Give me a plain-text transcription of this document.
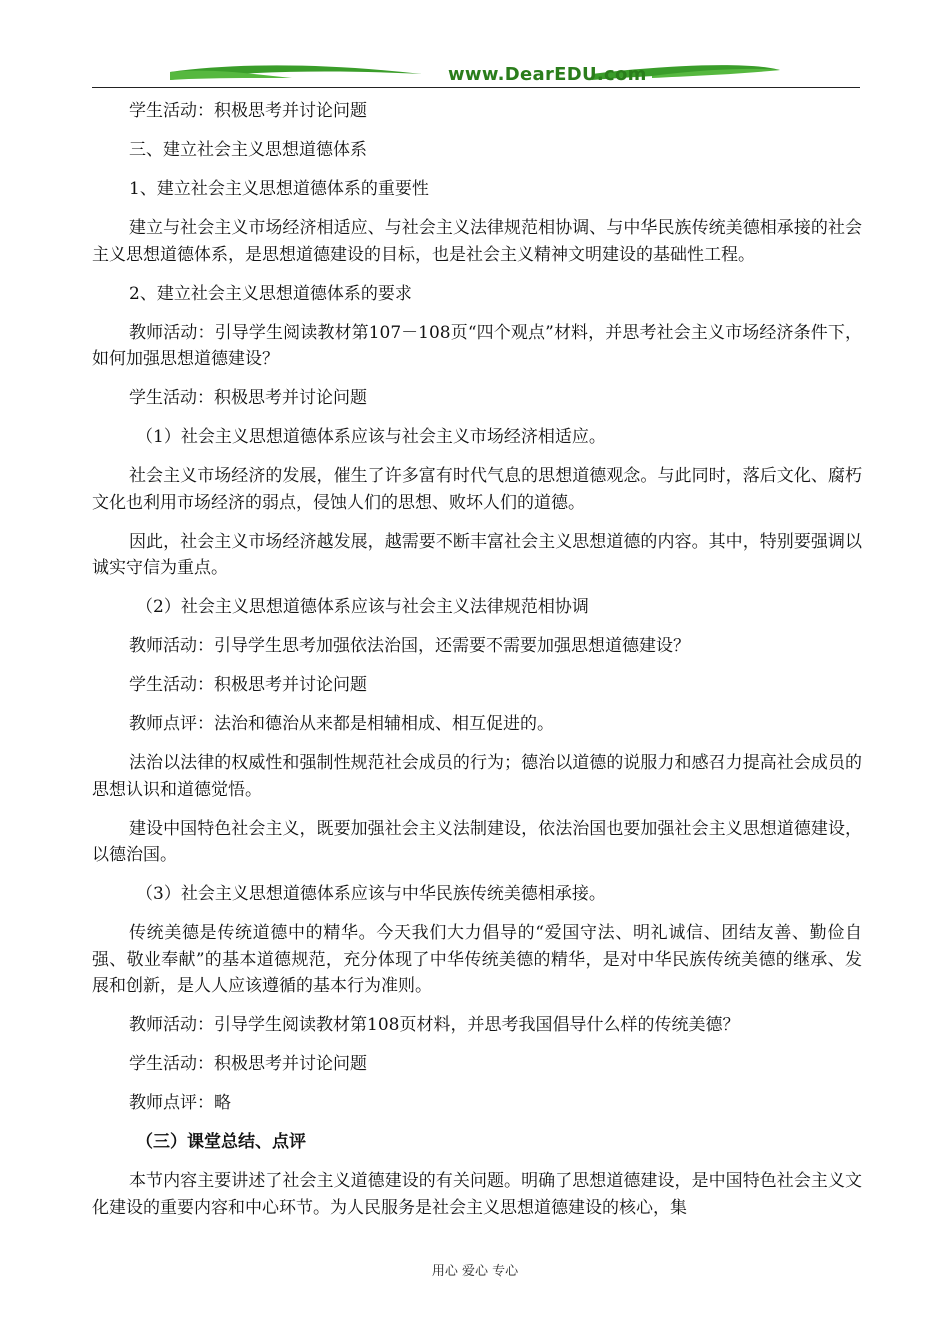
www.DearEDU.com

学生活动：积极思考并讨论问题

三、建立社会主义思想道德体系

1、建立社会主义思想道德体系的重要性

建立与社会主义市场经济相适应、与社会主义法律规范相协调、与中华民族传统美德相承接的社会主义思想道德体系，是思想道德建设的目标，也是社会主义精神文明建设的基础性工程。

2、建立社会主义思想道德体系的要求

教师活动：引导学生阅读教材第107－108页“四个观点”材料，并思考社会主义市场经济条件下，如何加强思想道德建设？

学生活动：积极思考并讨论问题

（1）社会主义思想道德体系应该与社会主义市场经济相适应。

社会主义市场经济的发展，催生了许多富有时代气息的思想道德观念。与此同时，落后文化、腐朽文化也利用市场经济的弱点，侵蚀人们的思想、败坏人们的道德。

因此，社会主义市场经济越发展，越需要不断丰富社会主义思想道德的内容。其中，特别要强调以诚实守信为重点。

（2）社会主义思想道德体系应该与社会主义法律规范相协调

教师活动：引导学生思考加强依法治国，还需要不需要加强思想道德建设？

学生活动：积极思考并讨论问题

教师点评：法治和德治从来都是相辅相成、相互促进的。

法治以法律的权威性和强制性规范社会成员的行为；德治以道德的说服力和感召力提高社会成员的思想认识和道德觉悟。

建设中国特色社会主义，既要加强社会主义法制建设，依法治国也要加强社会主义思想道德建设，以德治国。

（3）社会主义思想道德体系应该与中华民族传统美德相承接。

传统美德是传统道德中的精华。今天我们大力倡导的“爱国守法、明礼诚信、团结友善、勤俭自强、敬业奉献”的基本道德规范，充分体现了中华传统美德的精华，是对中华民族传统美德的继承、发展和创新，是人人应该遵循的基本行为准则。

教师活动：引导学生阅读教材第108页材料，并思考我国倡导什么样的传统美德？

学生活动：积极思考并讨论问题

教师点评：略

（三）课堂总结、点评

本节内容主要讲述了社会主义道德建设的有关问题。明确了思想道德建设，是中国特色社会主义文化建设的重要内容和中心环节。为人民服务是社会主义思想道德建设的核心，集

用心 爱心 专心
